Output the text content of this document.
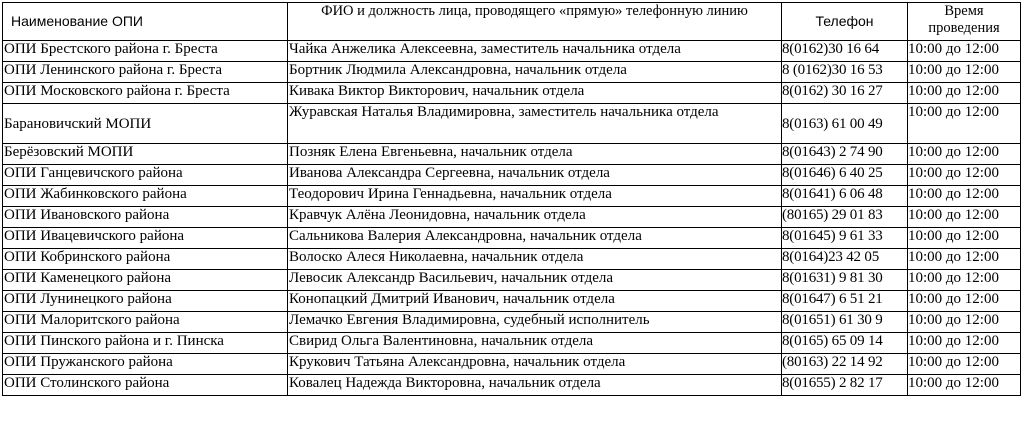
Наименование ОПИ	ФИО и должность лица, проводящего «прямую» телефонную линию	Телефон	Время проведения
ОПИ Брестского района г. Бреста	Чайка Анжелика Алексеевна, заместитель начальника отдела	8(0162)30 16 64	10:00 до 12:00
ОПИ Ленинского района г. Бреста	Бортник Людмила Александровна, начальник отдела	8 (0162)30 16 53	10:00 до 12:00
ОПИ Московского района г. Бреста	Кивака Виктор Викторович, начальник отдела	8(0162) 30 16 27	10:00 до 12:00
Барановичский МОПИ	Журавская Наталья Владимировна, заместитель начальника отдела	8(0163) 61 00 49	10:00 до 12:00
Берёзовский МОПИ	Позняк Елена Евгеньевна, начальник отдела	8(01643) 2 74 90	10:00 до 12:00
ОПИ Ганцевичского района	Иванова Александра Сергеевна, начальник отдела	8(01646) 6 40 25	10:00 до 12:00
ОПИ Жабинковского района	Теодорович Ирина Геннадьевна, начальник отдела	8(01641) 6 06 48	10:00 до 12:00
ОПИ Ивановского района	Кравчук Алёна Леонидовна, начальник отдела	(80165) 29 01 83	10:00 до 12:00
ОПИ Ивацевичского района	Сальникова Валерия Александровна, начальник отдела	8(01645) 9 61 33	10:00 до 12:00
ОПИ Кобринского района	Волоско Алеся Николаевна, начальник отдела	8(0164)23 42 05	10:00 до 12:00
ОПИ Каменецкого района	Левосик Александр Васильевич, начальник отдела	8(01631) 9 81 30	10:00 до 12:00
ОПИ Лунинецкого района	Конопацкий Дмитрий Иванович, начальник отдела	8(01647) 6 51 21	10:00 до 12:00
ОПИ Малоритского района	Лемачко Евгения Владимировна, судебный исполнитель	8(01651) 61 30 9	10:00 до 12:00
ОПИ Пинского района и г. Пинска	Свирид Ольга Валентиновна, начальник отдела	8(0165) 65 09 14	10:00 до 12:00
ОПИ Пружанского района	Крукович Татьяна Александровна, начальник отдела	(80163) 22 14 92	10:00 до 12:00
ОПИ Столинского района	Ковалец Надежда Викторовна, начальник отдела	8(01655) 2 82 17	10:00 до 12:00
